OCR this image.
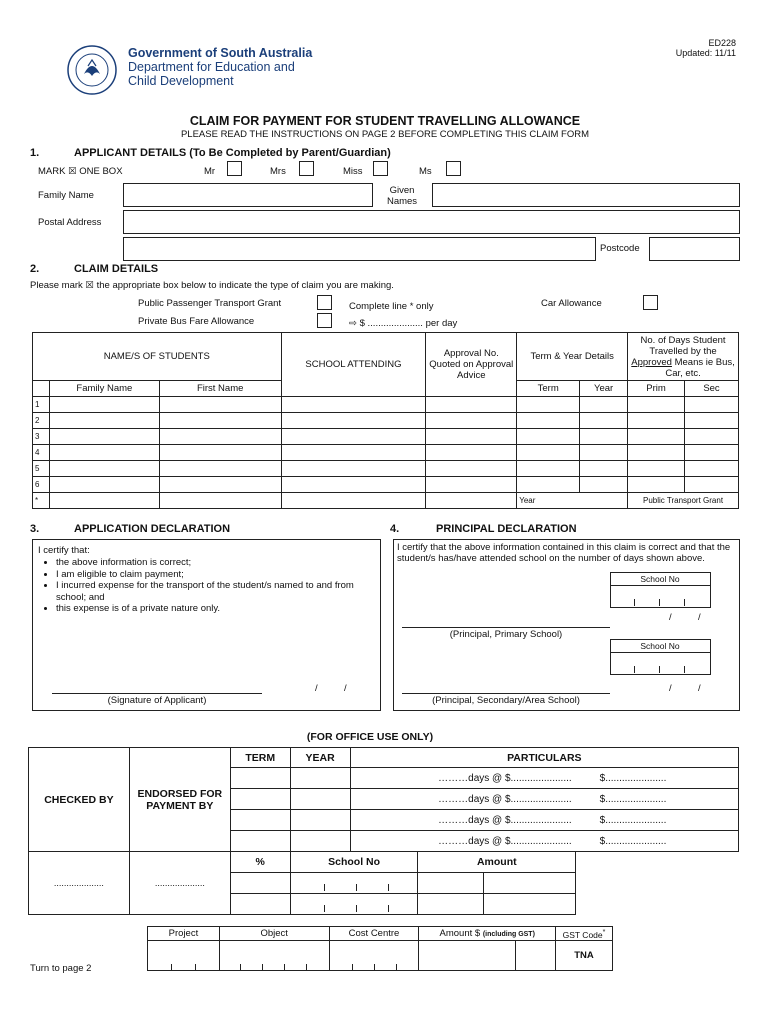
Government of South Australia
Department for Education and
Child Development
ED228
Updated: 11/11
CLAIM FOR PAYMENT FOR STUDENT TRAVELLING ALLOWANCE
PLEASE READ THE INSTRUCTIONS ON PAGE 2 BEFORE COMPLETING THIS CLAIM FORM
1.	APPLICANT DETAILS (To Be Completed by Parent/Guardian)
MARK ☒ ONE BOX	Mr	Mrs	Miss	Ms
Family Name	Given Names
Postal Address
Postcode
2.	CLAIM DETAILS
Please mark ☒ the appropriate box below to indicate the type of claim you are making.
Public Passenger Transport Grant	Complete line * only	Car Allowance
Private Bus Fare Allowance	⇨ $ ..................... per day
NAME/S OF STUDENTS			SCHOOL ATTENDING	Approval No. Quoted on Approval Advice	Term & Year Details		No. of Days Student Travelled by the Approved Means ie Bus, Car, etc.	
	Family Name	First Name			Term	Year	Prim	Sec
1								
2								
3								
4								
5								
6								
*					Year		Public Transport Grant	
3.	APPLICATION DECLARATION
I certify that:
• the above information is correct;
• I am eligible to claim payment;
• I incurred expense for the transport of the student/s named to and from school; and
• this expense is of a private nature only.
(Signature of Applicant)
/          /
4.	PRINCIPAL DECLARATION
I certify that the above information contained in this claim is correct and that the student/s has/have attended school on the number of days shown above.
School No
/          /
(Principal, Primary School)
School No
/          /
(Principal, Secondary/Area School)
(FOR OFFICE USE ONLY)
CHECKED BY	ENDORSED FOR PAYMENT BY	TERM	YEAR	PARTICULARS			
				………days @ $......................			$......................
				………days @ $......................			$......................
				………days @ $......................			$......................
				………days @ $......................			$......................
....................	....................	%	School No		Amount		

Project	Object	Cost Centre	Amount $ (including GST)		GST Code*
					TNA
Turn to page 2
